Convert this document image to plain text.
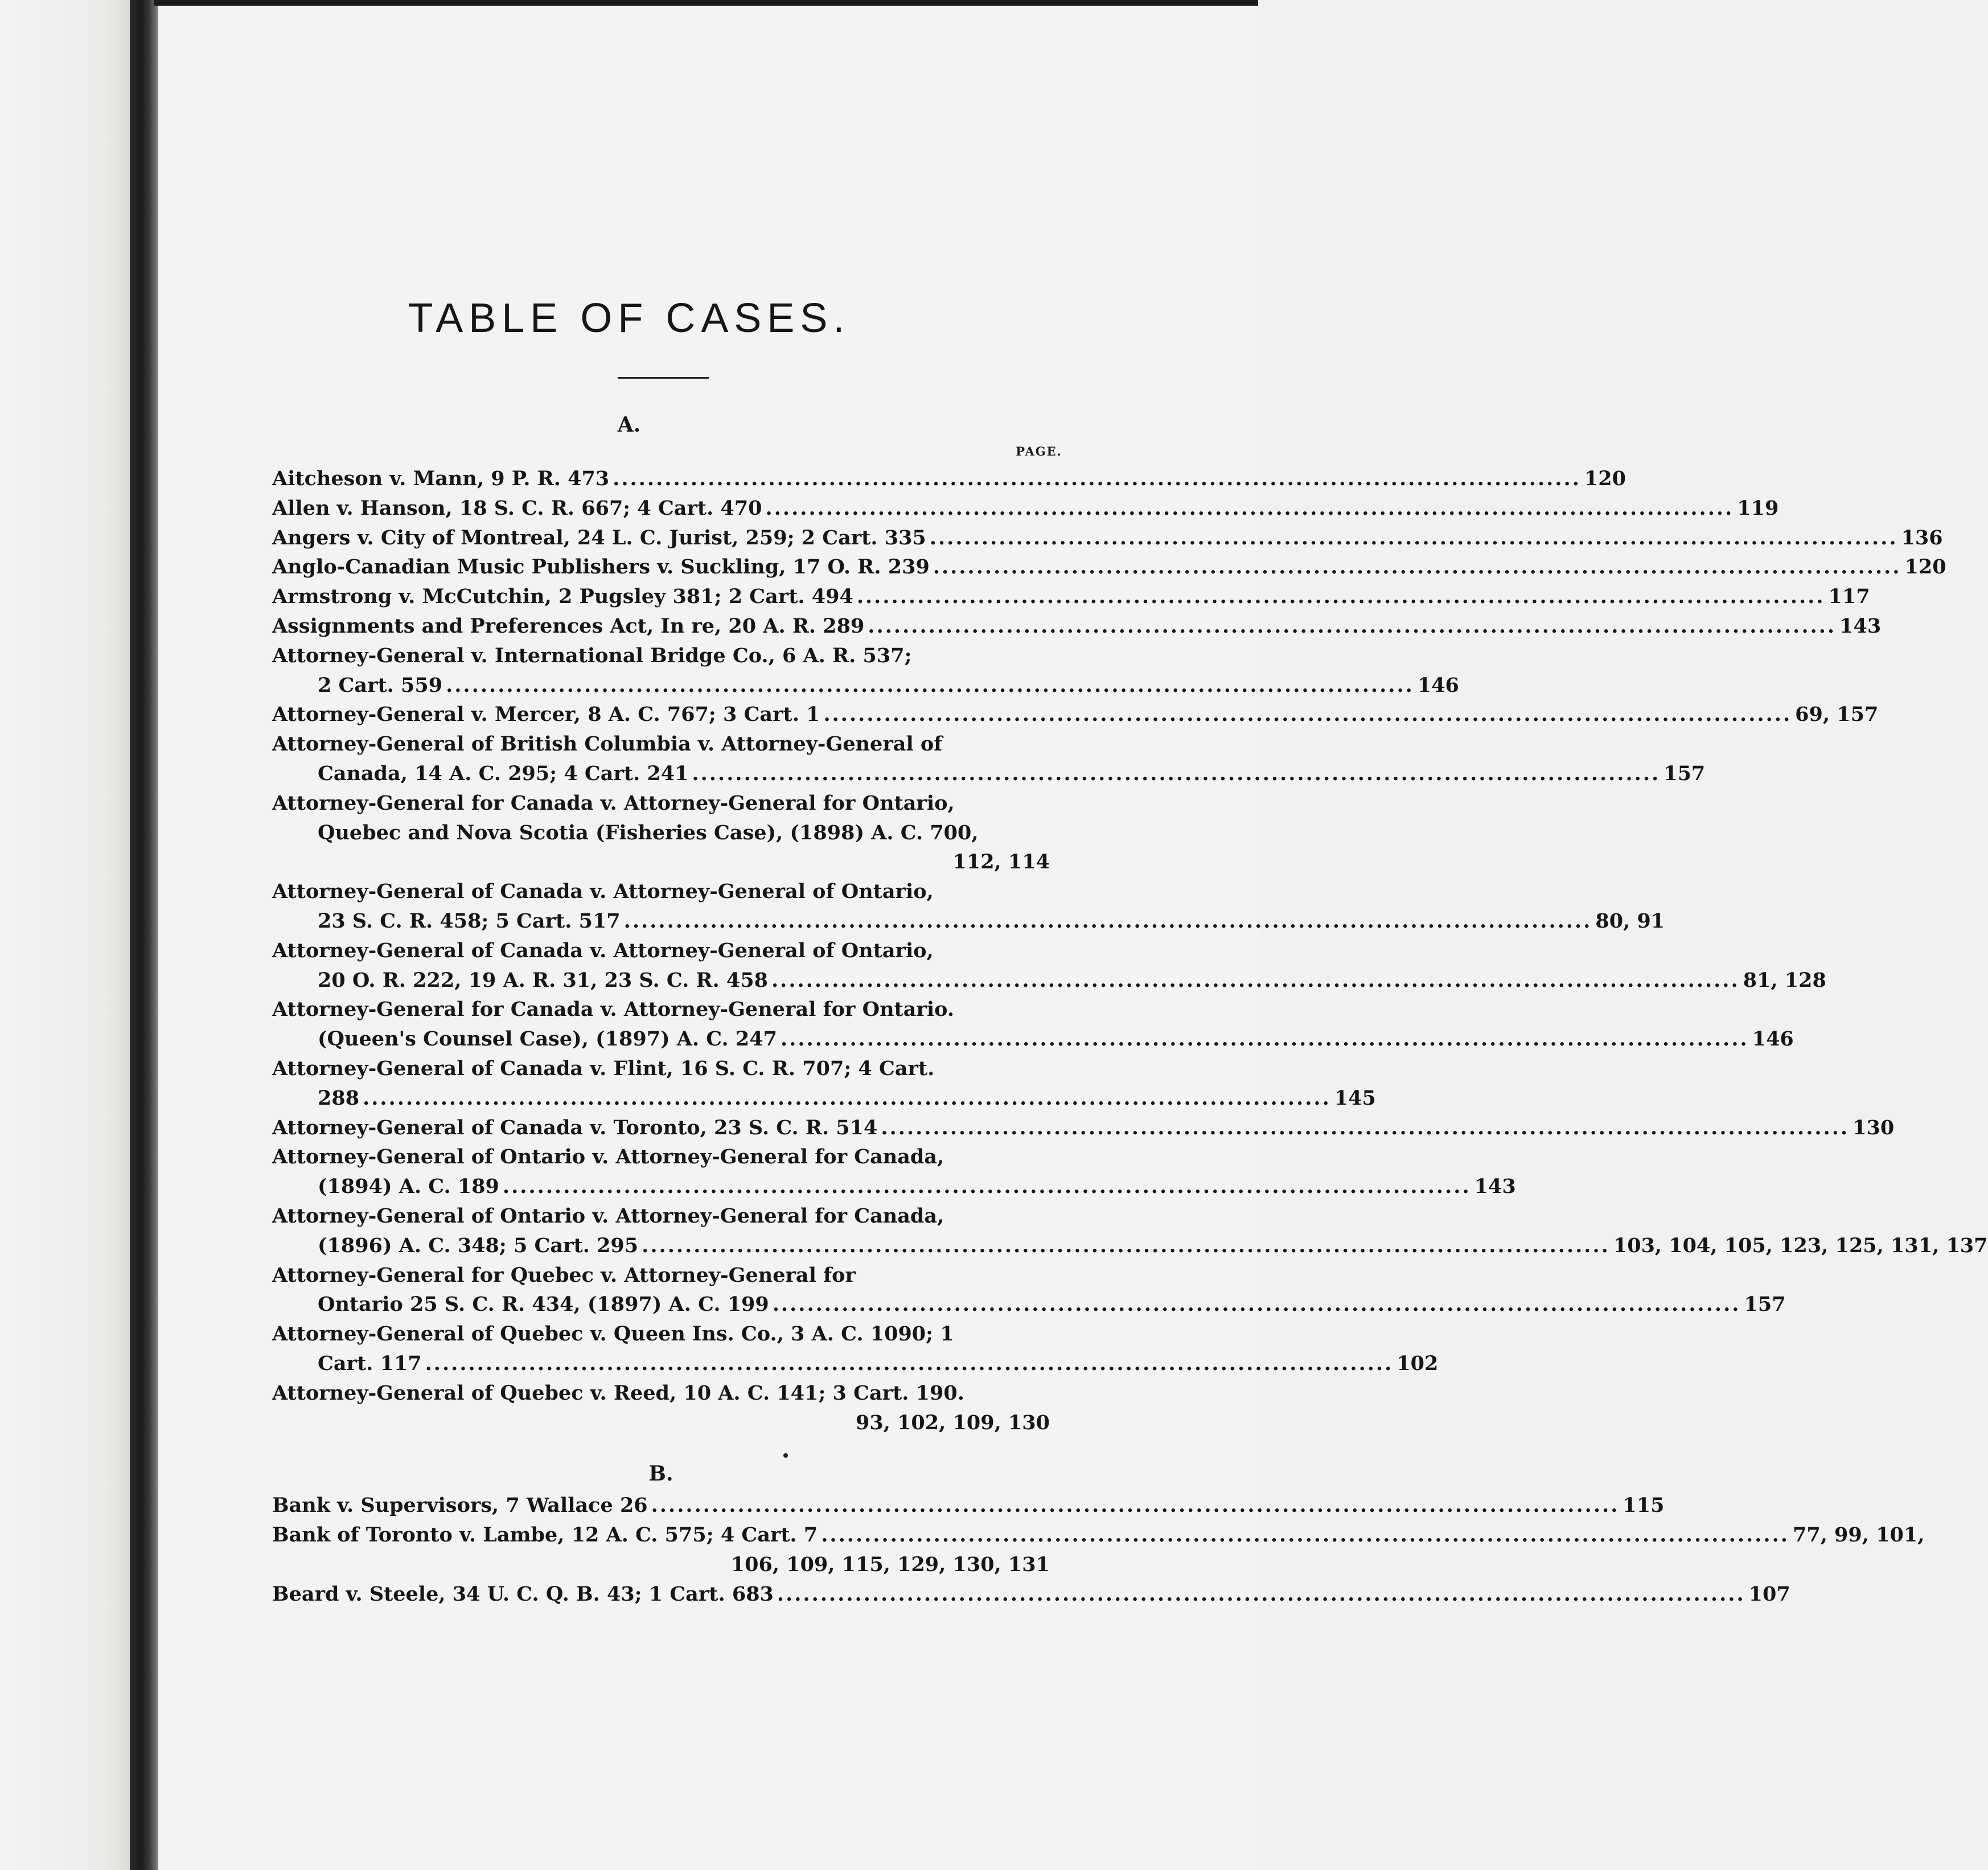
TABLE OF CASES.
A.
PAGE.
Aitcheson v. Mann, 9 P. R. 473 ................................................................................................................ 120
Allen v. Hanson, 18 S. C. R. 667; 4 Cart. 470 ................................................................................................................ 119
Angers v. City of Montreal, 24 L. C. Jurist, 259; 2 Cart. 335 ................................................................................................................ 136
Anglo-Canadian Music Publishers v. Suckling, 17 O. R. 239 ................................................................................................................ 120
Armstrong v. McCutchin, 2 Pugsley 381; 2 Cart. 494 ................................................................................................................ 117
Assignments and Preferences Act, In re, 20 A. R. 289 ................................................................................................................ 143
Attorney-General v. International Bridge Co., 6 A. R. 537;
2 Cart. 559 ................................................................................................................ 146
Attorney-General v. Mercer, 8 A. C. 767; 3 Cart. 1 ................................................................................................................ 69, 157
Attorney-General of British Columbia v. Attorney-General of
Canada, 14 A. C. 295; 4 Cart. 241 ................................................................................................................ 157
Attorney-General for Canada v. Attorney-General for Ontario,
Quebec and Nova Scotia (Fisheries Case), (1898) A. C. 700,
112, 114
Attorney-General of Canada v. Attorney-General of Ontario,
23 S. C. R. 458; 5 Cart. 517 ................................................................................................................ 80, 91
Attorney-General of Canada v. Attorney-General of Ontario,
20 O. R. 222, 19 A. R. 31, 23 S. C. R. 458 ................................................................................................................ 81, 128
Attorney-General for Canada v. Attorney-General for Ontario.
(Queen's Counsel Case), (1897) A. C. 247 ................................................................................................................ 146
Attorney-General of Canada v. Flint, 16 S. C. R. 707; 4 Cart.
288 ................................................................................................................ 145
Attorney-General of Canada v. Toronto, 23 S. C. R. 514 ................................................................................................................ 130
Attorney-General of Ontario v. Attorney-General for Canada,
(1894) A. C. 189 ................................................................................................................ 143
Attorney-General of Ontario v. Attorney-General for Canada,
(1896) A. C. 348; 5 Cart. 295 ................................................................................................................ 103, 104, 105, 123, 125, 131, 137
Attorney-General for Quebec v. Attorney-General for
Ontario 25 S. C. R. 434, (1897) A. C. 199 ................................................................................................................ 157
Attorney-General of Quebec v. Queen Ins. Co., 3 A. C. 1090; 1
Cart. 117 ................................................................................................................ 102
Attorney-General of Quebec v. Reed, 10 A. C. 141; 3 Cart. 190.
93, 102, 109, 130
B.
Bank v. Supervisors, 7 Wallace 26 ................................................................................................................ 115
Bank of Toronto v. Lambe, 12 A. C. 575; 4 Cart. 7 ................................................................................................................ 77, 99, 101,
106, 109, 115, 129, 130, 131
Beard v. Steele, 34 U. C. Q. B. 43; 1 Cart. 683 ................................................................................................................ 107
